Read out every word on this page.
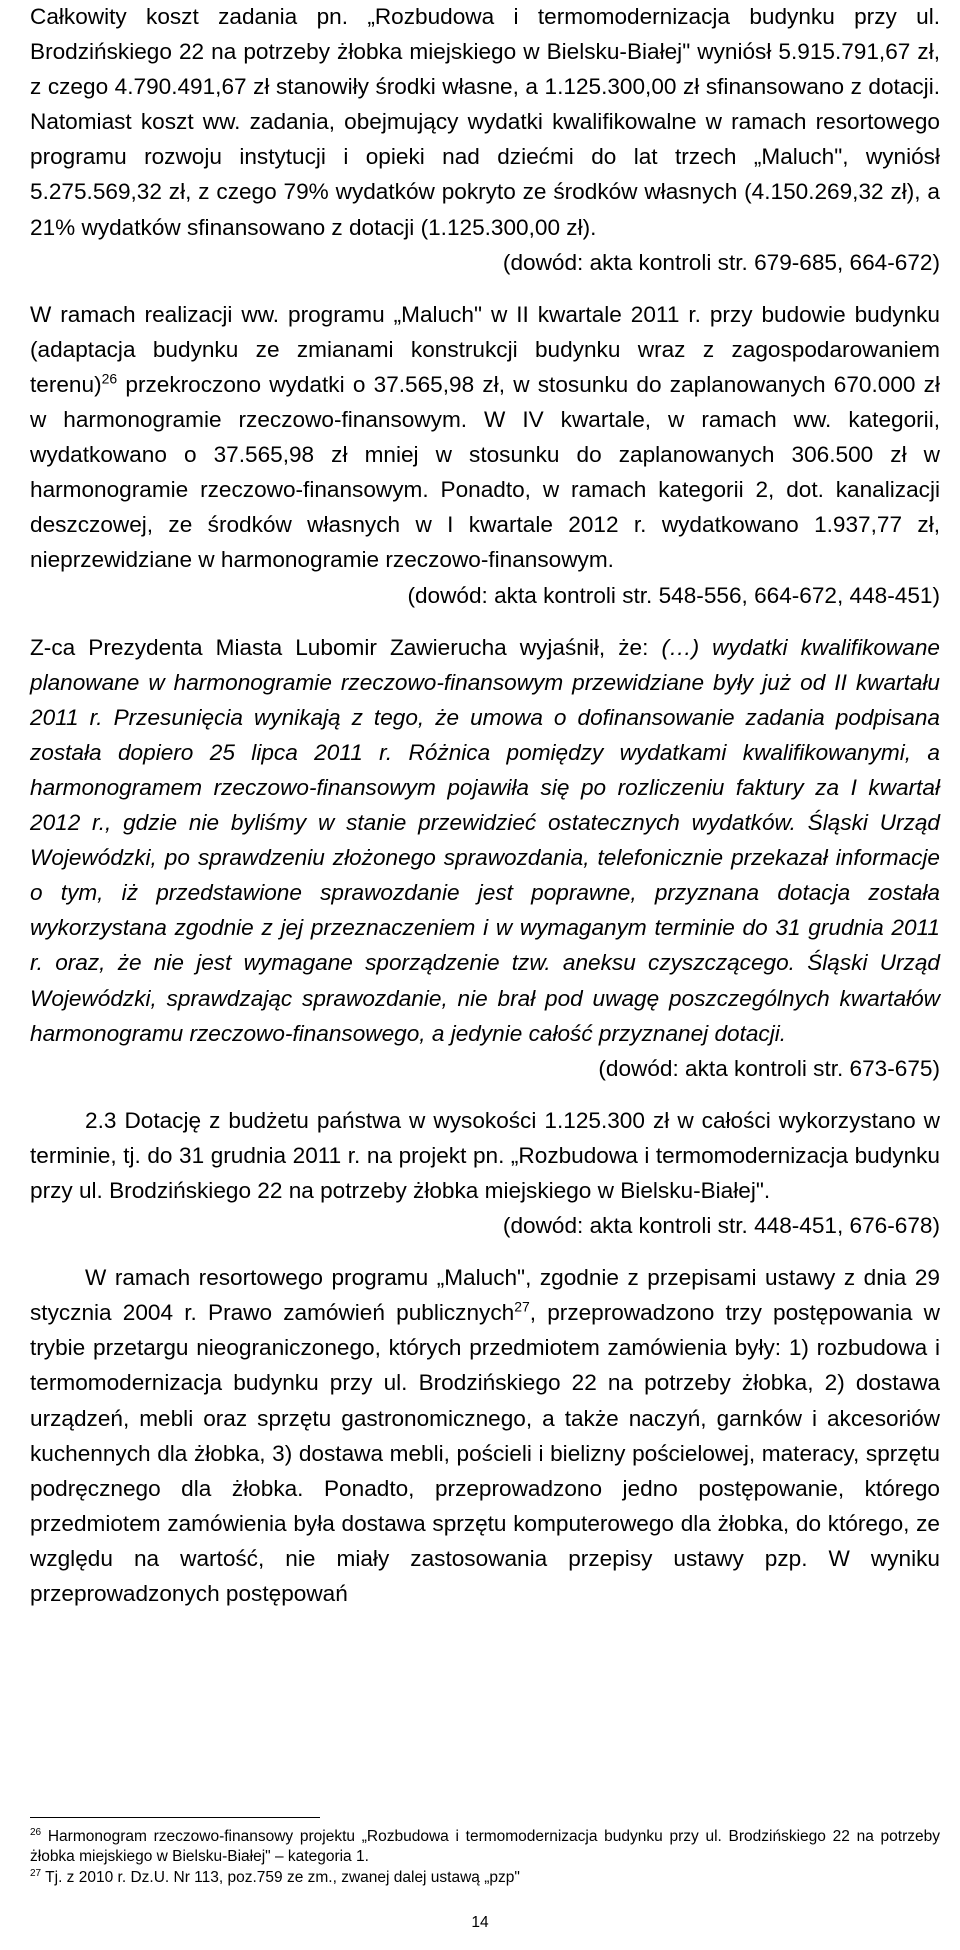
Całkowity koszt zadania pn. „Rozbudowa i termomodernizacja budynku przy ul. Brodzińskiego 22 na potrzeby żłobka miejskiego w Bielsku-Białej" wyniósł 5.915.791,67 zł, z czego 4.790.491,67 zł stanowiły środki własne, a 1.125.300,00 zł sfinansowano z dotacji. Natomiast koszt ww. zadania, obejmujący wydatki kwalifikowalne w ramach resortowego programu rozwoju instytucji i opieki nad dziećmi do lat trzech „Maluch", wyniósł 5.275.569,32 zł, z czego 79% wydatków pokryto ze środków własnych (4.150.269,32 zł), a 21% wydatków sfinansowano z dotacji (1.125.300,00 zł).

(dowód: akta kontroli str. 679-685, 664-672)

W ramach realizacji ww. programu „Maluch" w II kwartale 2011 r. przy budowie budynku (adaptacja budynku ze zmianami konstrukcji budynku wraz z zagospodarowaniem terenu)$^{26}$ przekroczono wydatki o 37.565,98 zł, w stosunku do zaplanowanych 670.000 zł w harmonogramie rzeczowo-finansowym. W IV kwartale, w ramach ww. kategorii, wydatkowano o 37.565,98 zł mniej w stosunku do zaplanowanych 306.500 zł w harmonogramie rzeczowo-finansowym. Ponadto, w ramach kategorii 2, dot. kanalizacji deszczowej, ze środków własnych w I kwartale 2012 r. wydatkowano 1.937,77 zł, nieprzewidziane w harmonogramie rzeczowo-finansowym.

(dowód: akta kontroli str. 548-556, 664-672, 448-451)

Z-ca Prezydenta Miasta Lubomir Zawierucha wyjaśnił, że: (…) wydatki kwalifikowane planowane w harmonogramie rzeczowo-finansowym przewidziane były już od II kwartału 2011 r. Przesunięcia wynikają z tego, że umowa o dofinansowanie zadania podpisana została dopiero 25 lipca 2011 r. Różnica pomiędzy wydatkami kwalifikowanymi, a harmonogramem rzeczowo-finansowym pojawiła się po rozliczeniu faktury za I kwartał 2012 r., gdzie nie byliśmy w stanie przewidzieć ostatecznych wydatków. Śląski Urząd Wojewódzki, po sprawdzeniu złożonego sprawozdania, telefonicznie przekazał informacje o tym, iż przedstawione sprawozdanie jest poprawne, przyznana dotacja została wykorzystana zgodnie z jej przeznaczeniem i w wymaganym terminie do 31 grudnia 2011 r. oraz, że nie jest wymagane sporządzenie tzw. aneksu czyszczącego. Śląski Urząd Wojewódzki, sprawdzając sprawozdanie, nie brał pod uwagę poszczególnych kwartałów harmonogramu rzeczowo-finansowego, a jedynie całość przyznanej dotacji.

(dowód: akta kontroli str. 673-675)

2.3 Dotację z budżetu państwa w wysokości 1.125.300 zł w całości wykorzystano w terminie, tj. do 31 grudnia 2011 r. na projekt pn. „Rozbudowa i termomodernizacja budynku przy ul. Brodzińskiego 22 na potrzeby żłobka miejskiego w Bielsku-Białej".

(dowód: akta kontroli str. 448-451, 676-678)

W ramach resortowego programu „Maluch", zgodnie z przepisami ustawy z dnia 29 stycznia 2004 r. Prawo zamówień publicznych$^{27}$, przeprowadzono trzy postępowania w trybie przetargu nieograniczonego, których przedmiotem zamówienia były: 1) rozbudowa i termomodernizacja budynku przy ul. Brodzińskiego 22 na potrzeby żłobka, 2) dostawa urządzeń, mebli oraz sprzętu gastronomicznego, a także naczyń, garnków i akcesoriów kuchennych dla żłobka, 3) dostawa mebli, pościeli i bielizny pościelowej, materacy, sprzętu podręcznego dla żłobka. Ponadto, przeprowadzono jedno postępowanie, którego przedmiotem zamówienia była dostawa sprzętu komputerowego dla żłobka, do którego, ze względu na wartość, nie miały zastosowania przepisy ustawy pzp. W wyniku przeprowadzonych postępowań

$^{26}$ Harmonogram rzeczowo-finansowy projektu „Rozbudowa i termomodernizacja budynku przy ul. Brodzińskiego 22 na potrzeby żłobka miejskiego w Bielsku-Białej" – kategoria 1.

$^{27}$ Tj. z 2010 r. Dz.U. Nr 113, poz.759 ze zm., zwanej dalej ustawą „pzp"

14
